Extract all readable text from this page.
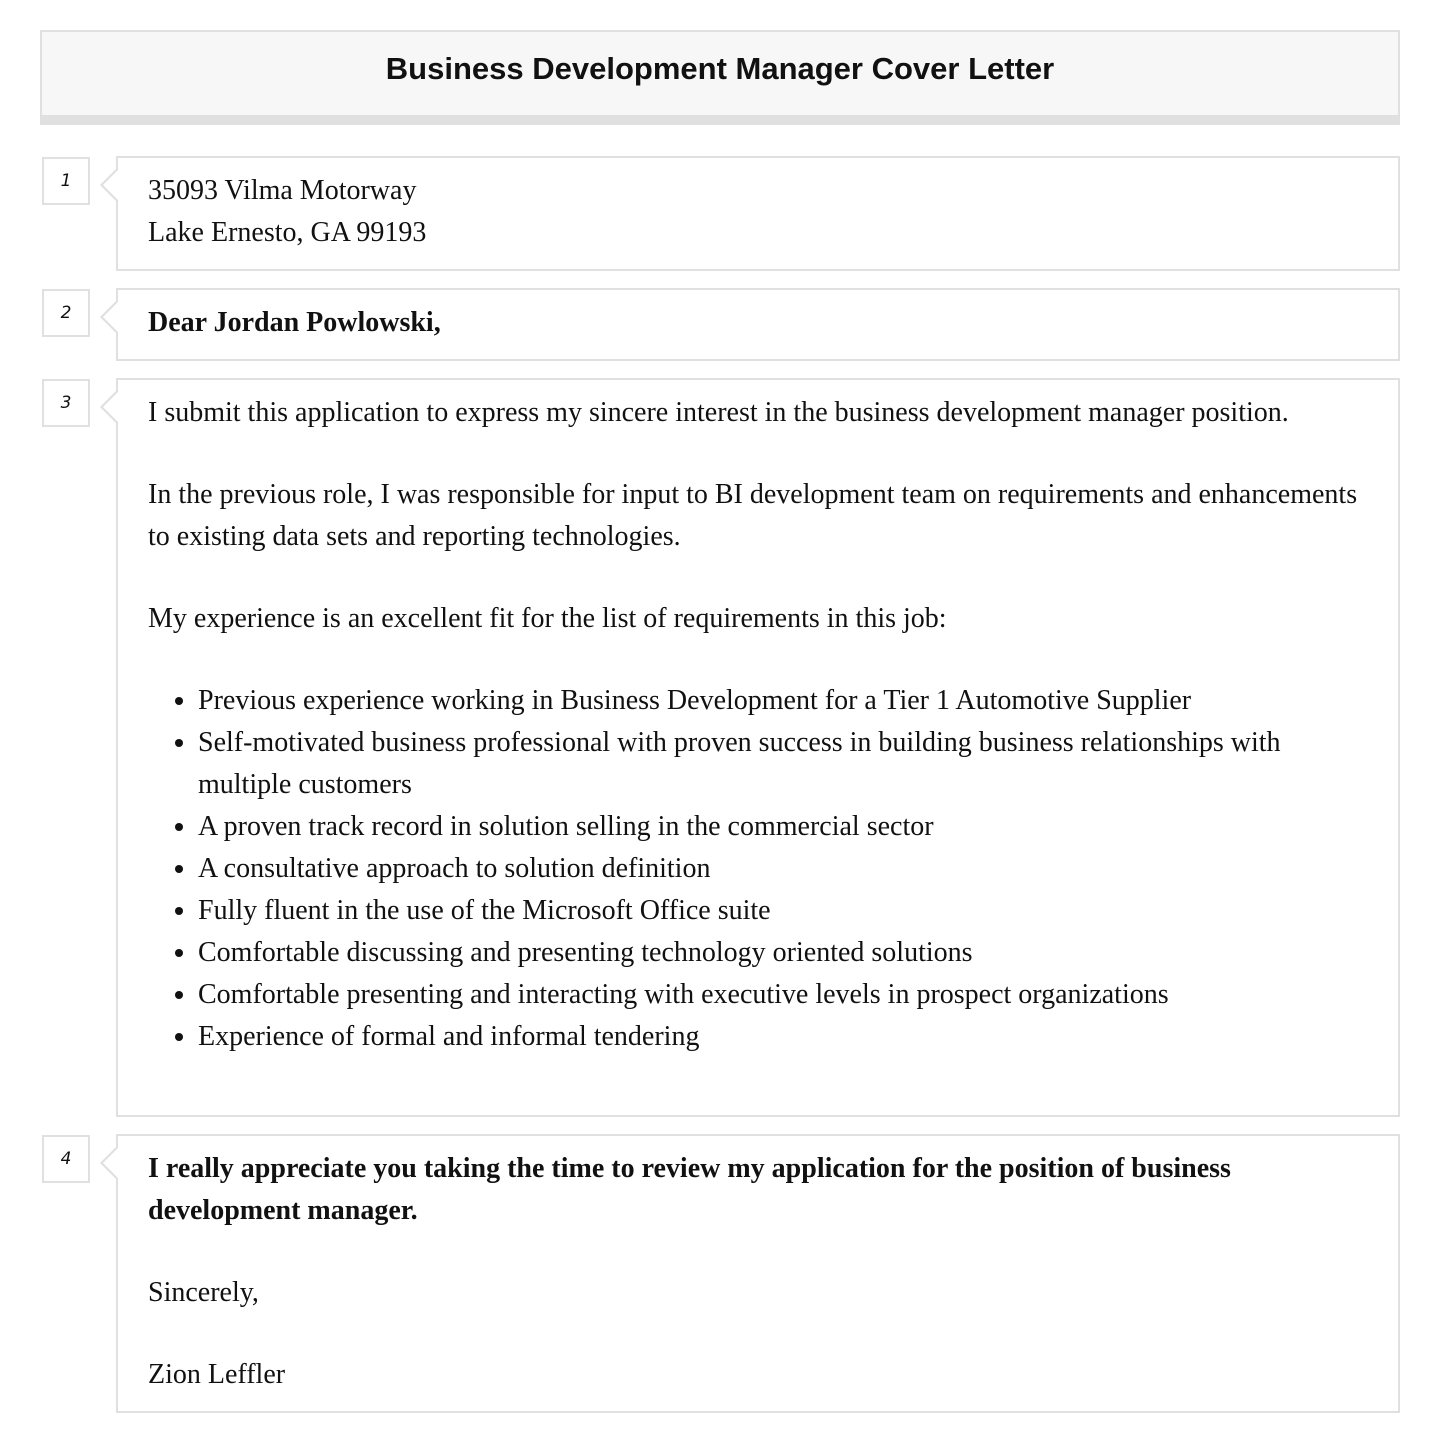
Business Development Manager Cover Letter
1	35093 Vilma Motorway

Lake Ernesto, GA 99193

2	Dear Jordan Powlowski,

3	I submit this application to express my sincere interest in the business development manager position.

In the previous role, I was responsible for input to BI development team on requirements and enhancements to existing data sets and reporting technologies.

My experience is an excellent fit for the list of requirements in this job:

• Previous experience working in Business Development for a Tier 1 Automotive Supplier
• Self-motivated business professional with proven success in building business relationships with multiple customers
• A proven track record in solution selling in the commercial sector
• A consultative approach to solution definition
• Fully fluent in the use of the Microsoft Office suite
• Comfortable discussing and presenting technology oriented solutions
• Comfortable presenting and interacting with executive levels in prospect organizations
• Experience of formal and informal tendering
4	I really appreciate you taking the time to review my application for the position of business development manager.

Sincerely,

Zion Leffler
